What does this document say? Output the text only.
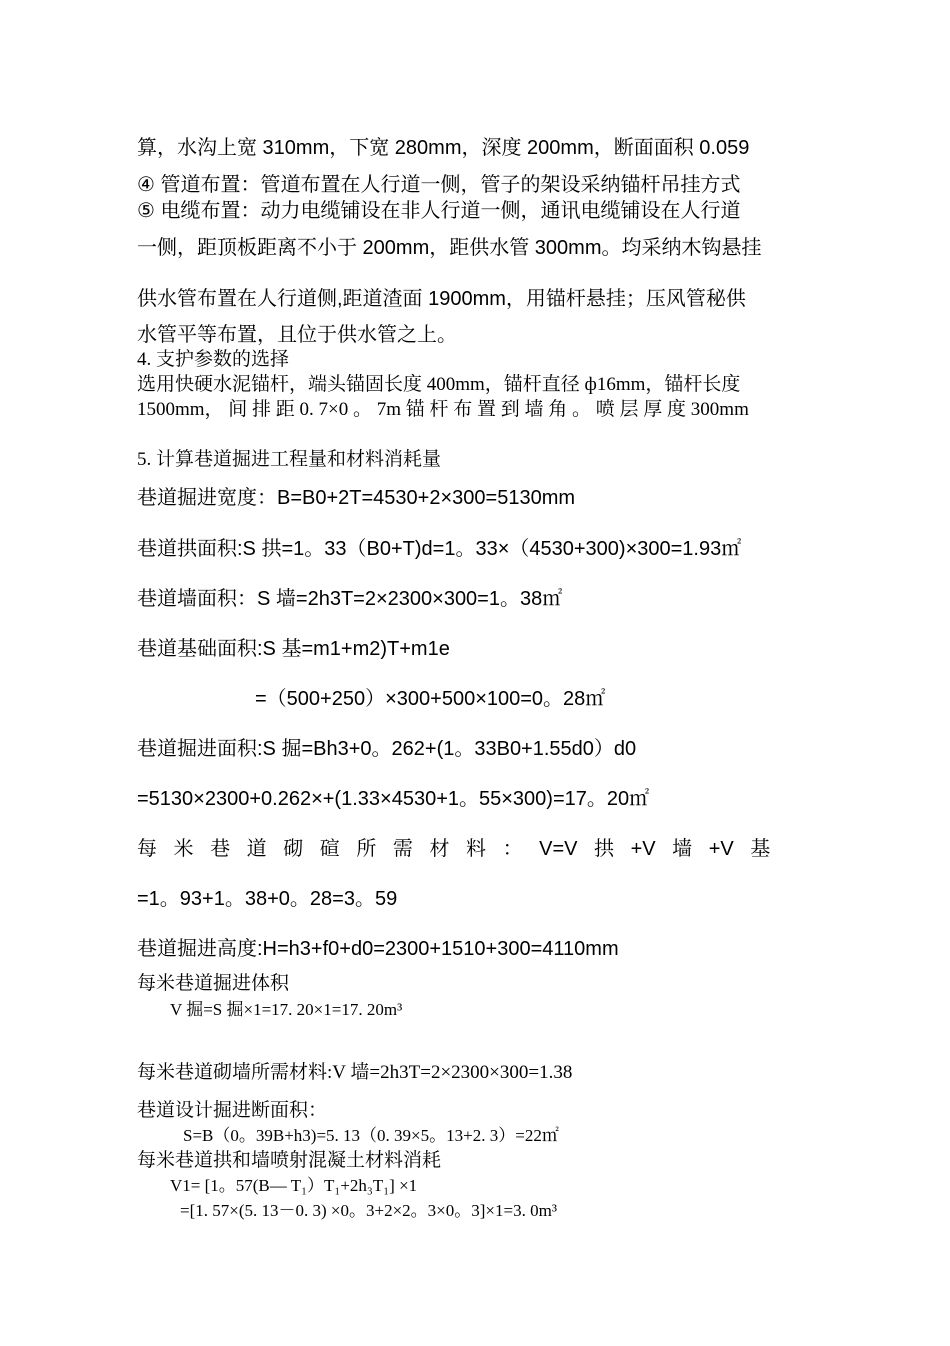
算，水沟上宽 310mm，下宽 280mm，深度 200mm，断面面积 0.059

④ 管道布置：管道布置在人行道一侧，管子的架设采纳锚杆吊挂方式

⑤ 电缆布置：动力电缆铺设在非人行道一侧，通讯电缆铺设在人行道

一侧，距顶板距离不小于 200mm，距供水管 300mm。均采纳木钩悬挂

供水管布置在人行道侧,距道渣面 1900mm，用锚杆悬挂；压风管秘供

水管平等布置，且位于供水管之上。

4. 支护参数的选择

选用快硬水泥锚杆，端头锚固长度 400mm，锚杆直径 ф16mm，锚杆长度

1500mm， 间 排 距 0. 7×0 。 7m 锚 杆 布 置 到 墙 角 。 喷 层 厚 度 300mm

5. 计算巷道掘进工程量和材料消耗量

巷道掘进宽度：B=B0+2T=4530+2×300=5130mm

巷道拱面积:S 拱=1。33（B0+T)d=1。33×（4530+300)×300=1.93㎡

巷道墙面积：S 墙=2h3T=2×2300×300=1。38㎡

巷道基础面积:S 基=m1+m2)T+m1e

=（500+250）×300+500×100=0。28㎡

巷道掘进面积:S 掘=Bh3+0。262+(1。33B0+1.55d0）d0

=5130×2300+0.262×+(1.33×4530+1。55×300)=17。20㎡

每 米 巷 道 砌 碹 所 需 材 料 ： V=V 拱 +V 墙 +V 基

=1。93+1。38+0。28=3。59

巷道掘进高度:H=h3+f0+d0=2300+1510+300=4110mm

每米巷道掘进体积

V 掘=S 掘×1=17. 20×1=17. 20m³

每米巷道砌墙所需材料:V 墙=2h3T=2×2300×300=1.38

巷道设计掘进断面积：

S=B（0。39B+h3)=5. 13（0. 39×5。13+2. 3）=22㎡

每米巷道拱和墙喷射混凝土材料消耗

V1= [1。57(B— T₁）T₁+2h₃T₁] ×1

=[1. 57×(5. 13－0. 3) ×0。3+2×2。3×0。3]×1=3. 0m³
